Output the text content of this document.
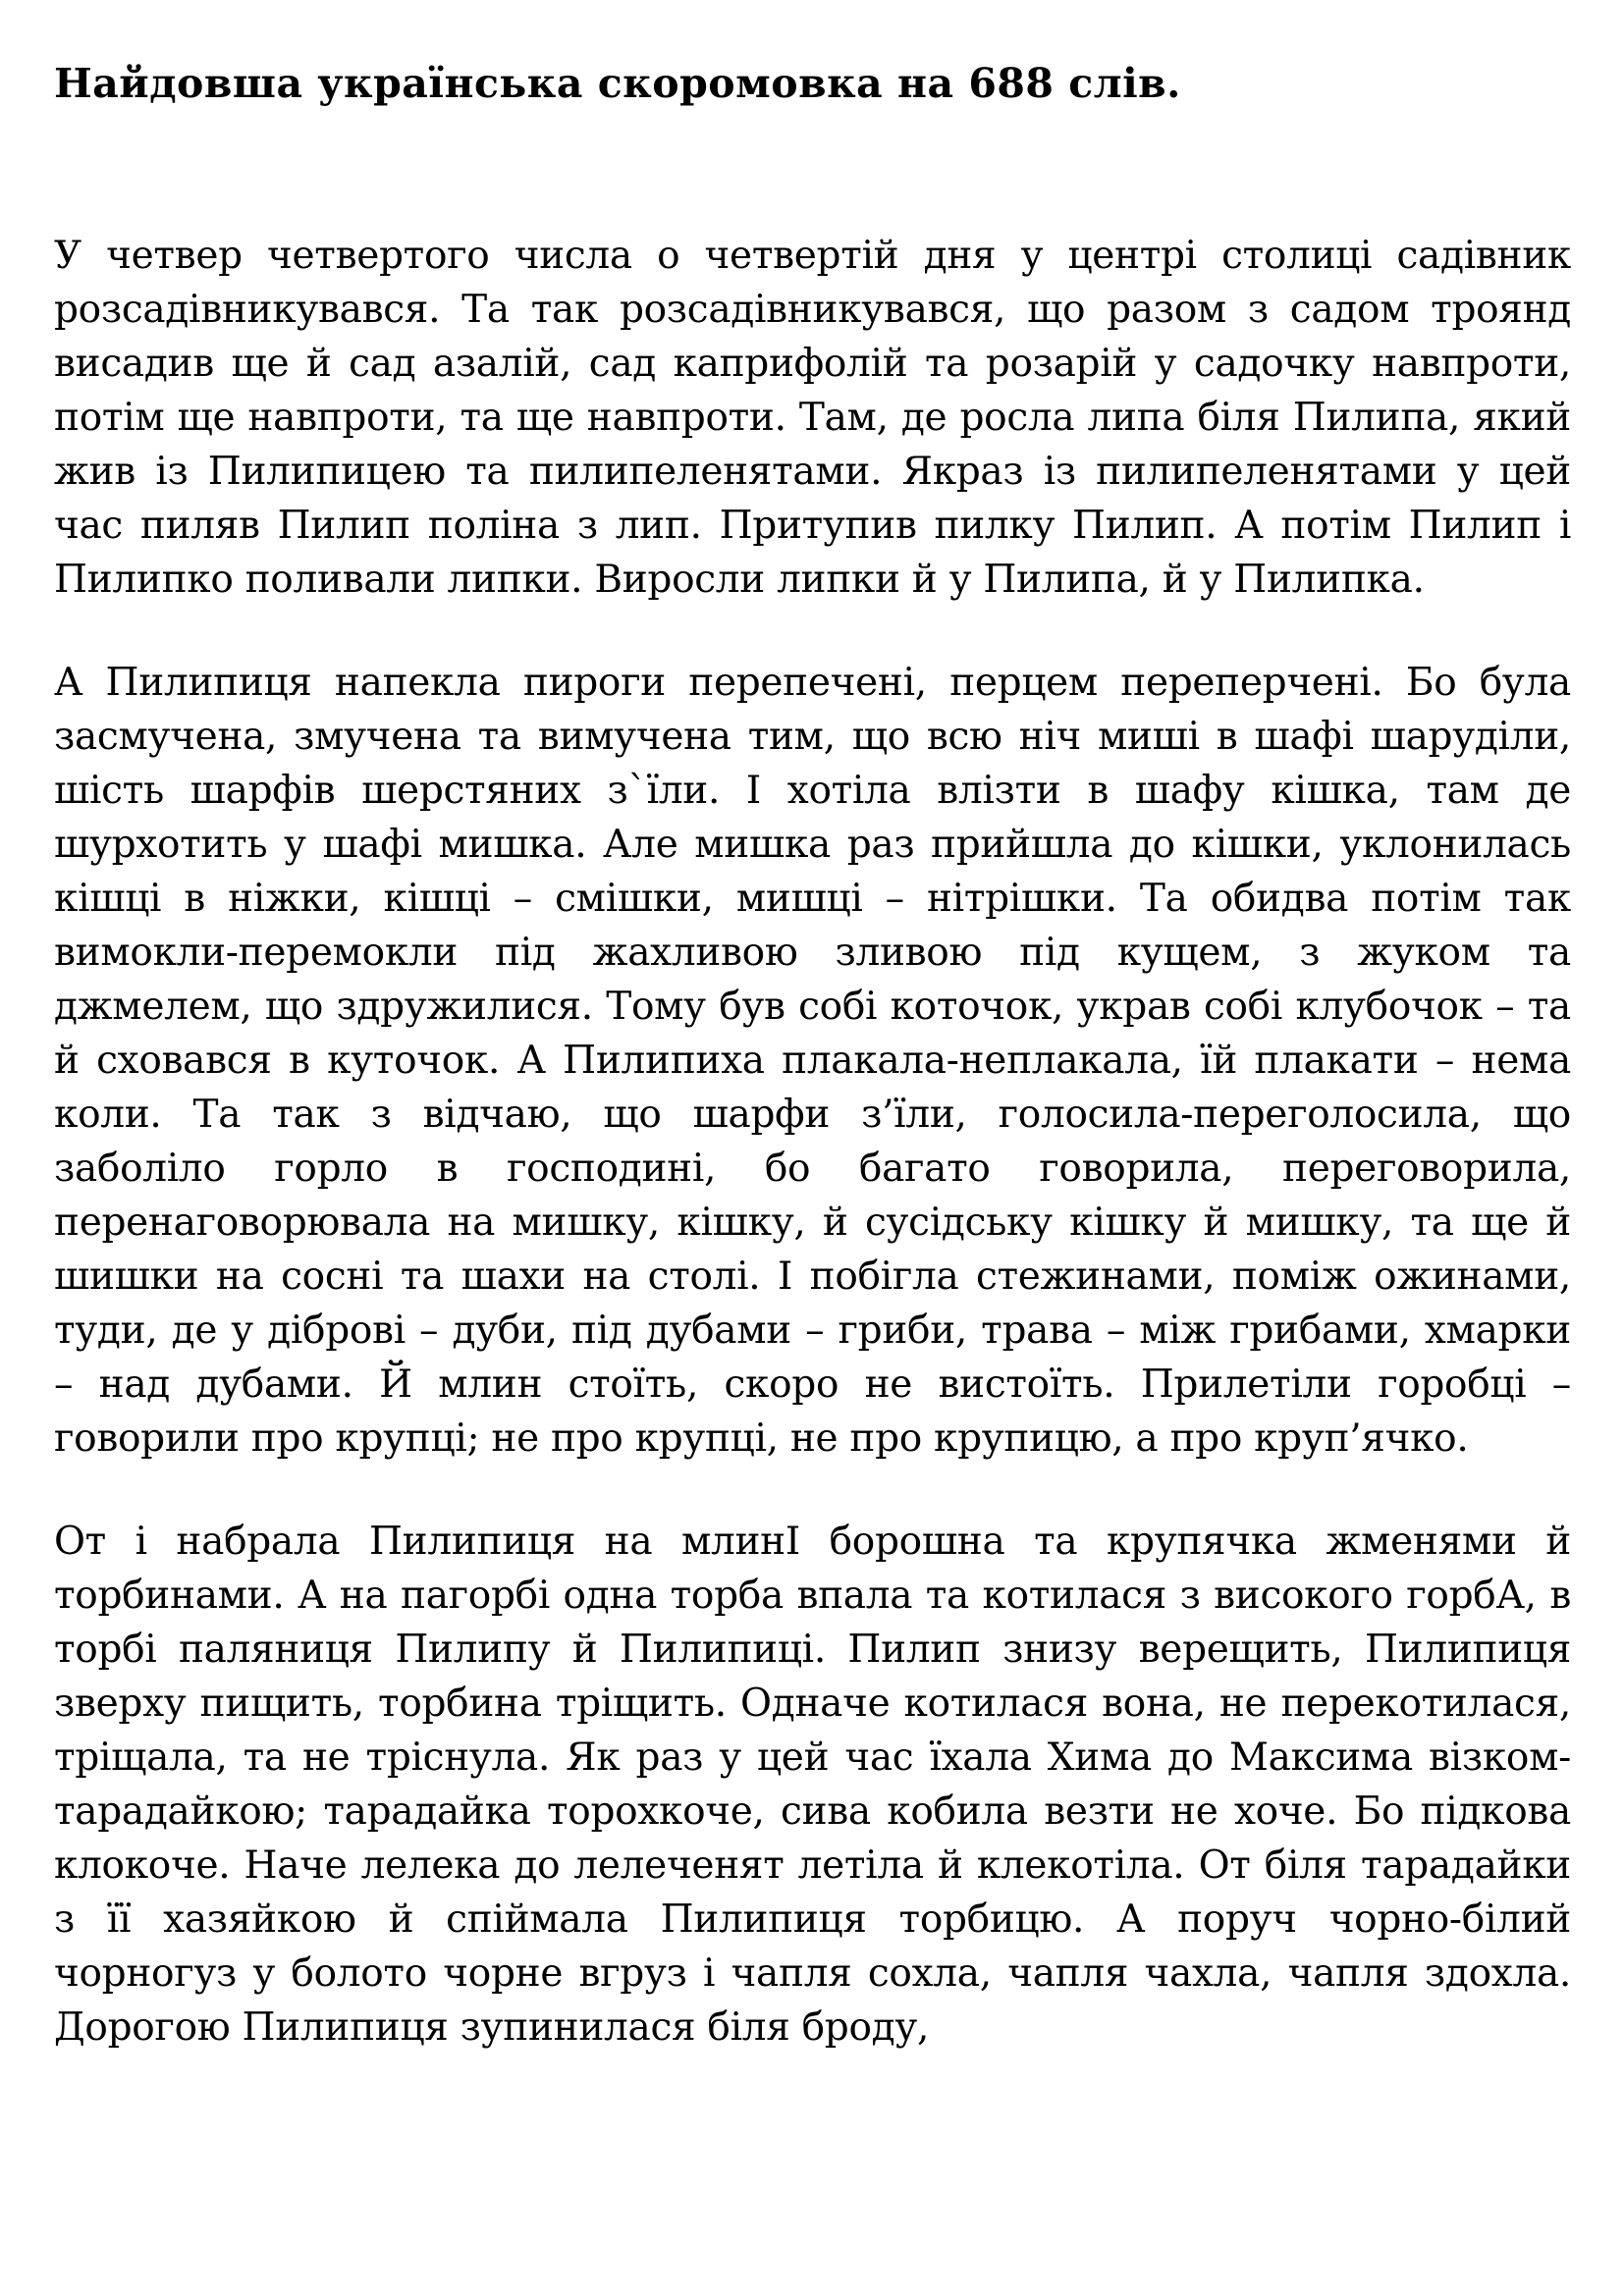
Найдовша українська скоромовка на 688 слів.

У четвер четвертого числа о четвертій дня у центрі столиці садівник розсадівникувався. Та так розсадівникувався, що разом з садом троянд висадив ще й сад азалій, сад каприфолій та розарій у садочку навпроти, потім ще навпроти, та ще навпроти. Там, де росла липа біля Пилипа, який жив із Пилипицею та пилипеленятами. Якраз із пилипеленятами у цей час пиляв Пилип поліна з лип. Притупив пилку Пилип. А потім Пилип і Пилипко поливали липки. Виросли липки й у Пилипа, й у Пилипка.

А Пилипиця напекла пироги перепечені, перцем переперчені. Бо була засмучена, змучена та вимучена тим, що всю ніч миші в шафі шаруділи, шість шарфів шерстяних з`їли. І хотіла влізти в шафу кішка, там де шурхотить у шафі мишка. Але мишка раз прийшла до кішки, уклонилась кішці в ніжки, кішці – смішки, мишці – нітрішки. Та обидва потім так вимокли-перемокли під жахливою зливою під кущем, з жуком та джмелем, що здружилися. Тому був собі коточок, украв собі клубочок – та й сховався в куточок. А Пилипиха плакала-неплакала, їй плакати – нема коли. Та так з відчаю, що шарфи з’їли, голосила-переголосила, що заболіло горло в господині, бо багато говорила, переговорила, перенаговорювала на мишку, кішку, й сусідську кішку й мишку, та ще й шишки на сосні та шахи на столі. І побігла стежинами, поміж ожинами, туди, де у діброві – дуби, під дубами – гриби, трава – між грибами, хмарки – над дубами. Й млин стоїть, скоро не вистоїть. Прилетіли горобці – говорили про крупці; не про крупці, не про крупицю, а про круп’ячко.

От і набрала Пилипиця на млинІ борошна та крупячка жменями й торбинами. А на пагорбі одна торба впала та котилася з високого горбА, в торбі паляниця Пилипу й Пилипиці. Пилип знизу верещить, Пилипиця зверху пищить, торбина тріщить. Одначе котилася вона, не перекотилася, тріщала, та не тріснула. Як раз у цей час їхала Хима до Максима візком-тарадайкою; тарадайка торохкоче, сива кобила везти не хоче. Бо підкова клокоче. Наче лелека до лелеченят летіла й клекотіла. От біля тарадайки з її хазяйкою й спіймала Пилипиця торбицю. А поруч чорно-білий чорногуз у болото чорне вгруз і чапля сохла, чапля чахла, чапля здохла. Дорогою Пилипиця зупинилася біля броду,
